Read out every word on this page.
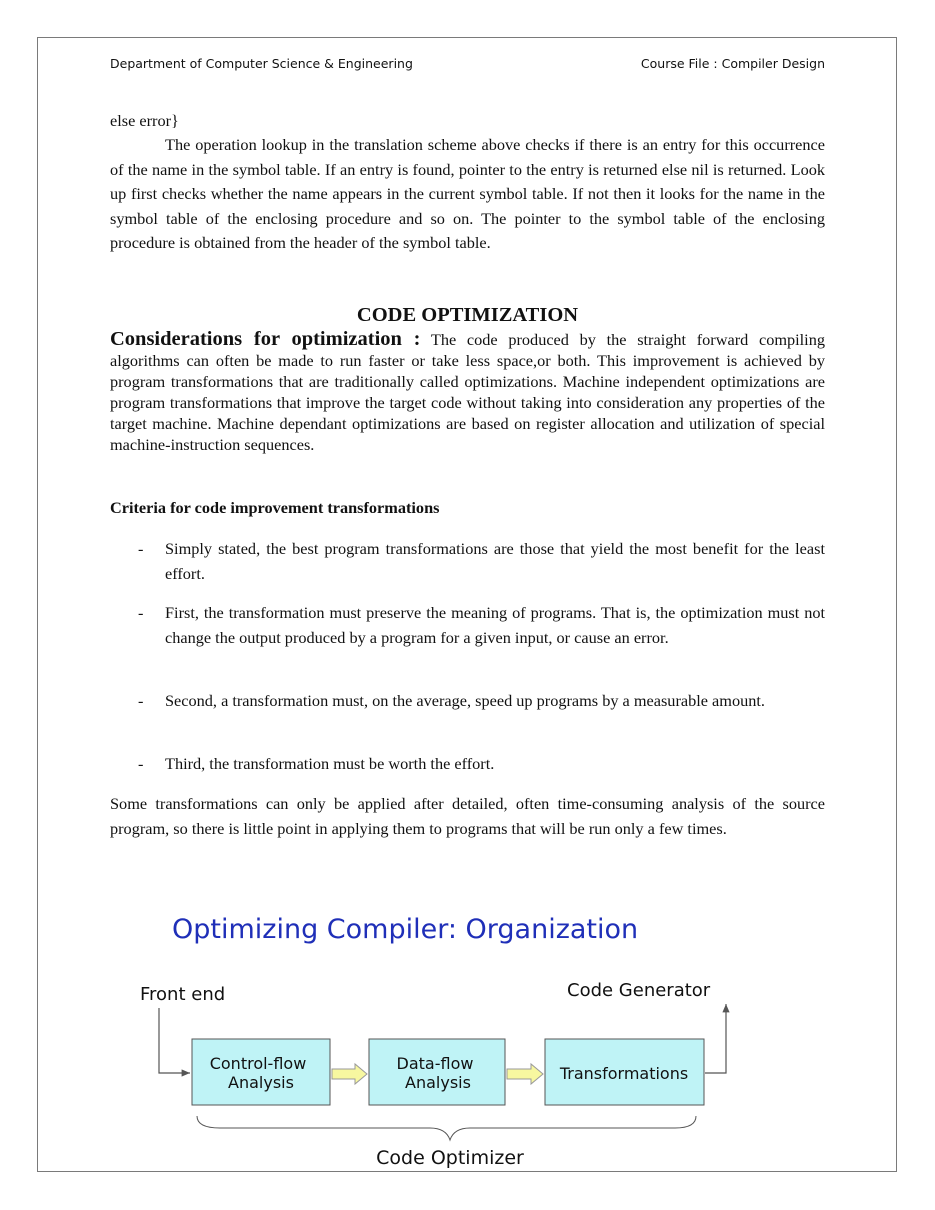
Department of Computer Science & Engineering	Course File : Compiler Design
else error}
The operation lookup in the translation scheme above checks if there is an entry for this occurrence of the name in the symbol table. If an entry is found, pointer to the entry is returned else nil is returned. Look up first checks whether the name appears in the current symbol table. If not then it looks for the name in the symbol table of the enclosing procedure and so on. The pointer to the symbol table of the enclosing procedure is obtained from the header of the symbol table.
CODE OPTIMIZATION
Considerations for optimization : The code produced by the straight forward compiling algorithms can often be made to run faster or take less space,or both. This improvement is achieved by program transformations that are traditionally called optimizations. Machine independent optimizations are program transformations that improve the target code without taking into consideration any properties of the target machine. Machine dependant optimizations are based on register allocation and utilization of special machine-instruction sequences.
Criteria for code improvement transformations
- Simply stated, the best program transformations are those that yield the most benefit for the least effort.
- First, the transformation must preserve the meaning of programs. That is, the optimization must not change the output produced by a program for a given input, or cause an error.
- Second, a transformation must, on the average, speed up programs by a measurable amount.
- Third, the transformation must be worth the effort.
Some transformations can only be applied after detailed, often time-consuming analysis of the source program, so there is little point in applying them to programs that will be run only a few times.
Optimizing Compiler: Organization
Front end	Code Generator
Control-flow
Analysis
Data-flow
Analysis	Transformations
Code Optimizer
